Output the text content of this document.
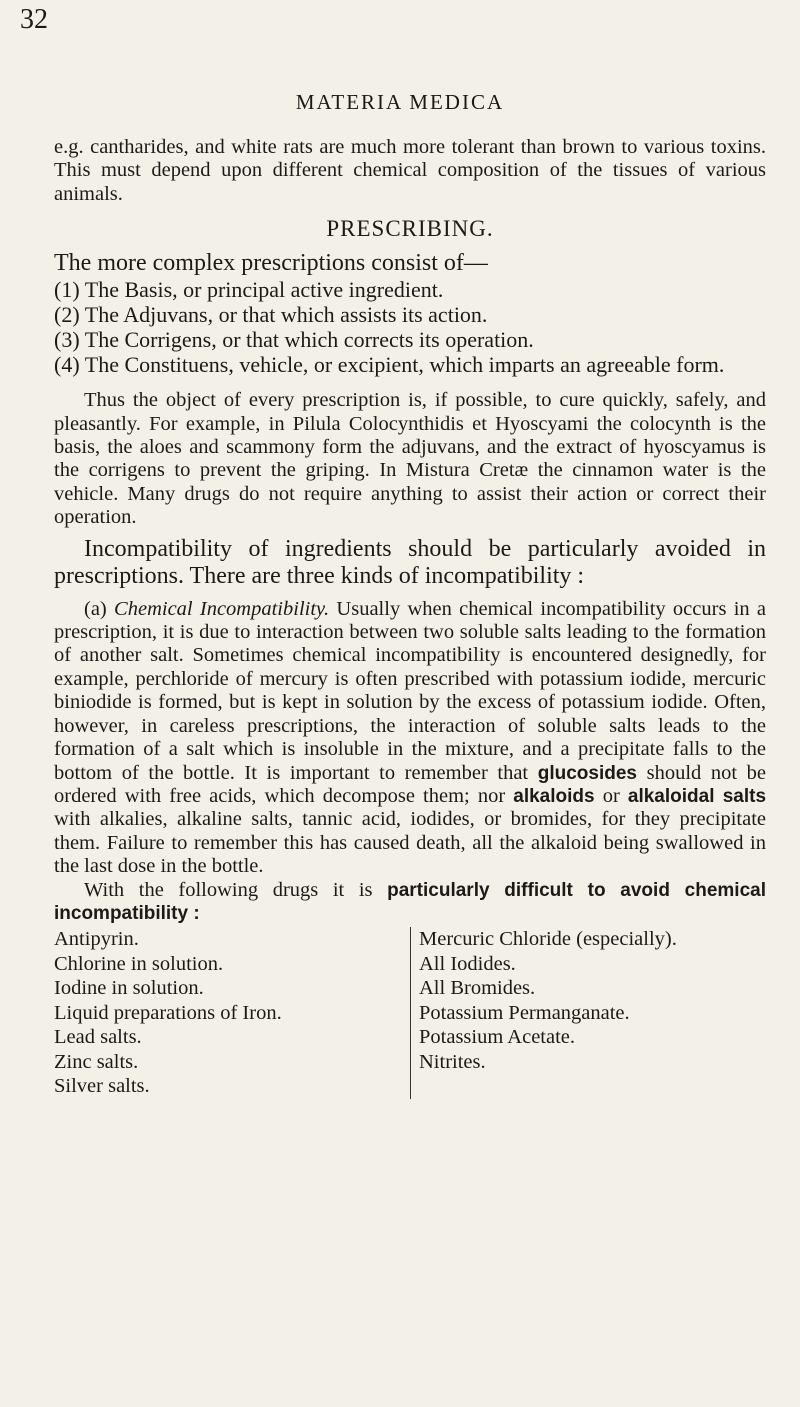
32
MATERIA MEDICA

e.g. cantharides, and white rats are much more tolerant than brown to various toxins. This must depend upon different chemical composition of the tissues of various animals.

PRESCRIBING.

The more complex prescriptions consist of—

(1) The Basis, or principal active ingredient.
(2) The Adjuvans, or that which assists its action.
(3) The Corrigens, or that which corrects its operation.
(4) The Constituens, vehicle, or excipient, which imparts an agreeable form.

Thus the object of every prescription is, if possible, to cure quickly, safely, and pleasantly. For example, in Pilula Colocynthidis et Hyoscyami the colocynth is the basis, the aloes and scammony form the adjuvans, and the extract of hyoscyamus is the corrigens to prevent the griping. In Mistura Cretæ the cinnamon water is the vehicle. Many drugs do not require anything to assist their action or correct their operation.

Incompatibility of ingredients should be particularly avoided in prescriptions. There are three kinds of incompatibility :

(a) Chemical Incompatibility. Usually when chemical incompatibility occurs in a prescription, it is due to interaction between two soluble salts leading to the formation of another salt. Sometimes chemical incompatibility is encountered designedly, for example, perchloride of mercury is often prescribed with potassium iodide, mercuric biniodide is formed, but is kept in solution by the excess of potassium iodide. Often, however, in careless prescriptions, the interaction of soluble salts leads to the formation of a salt which is insoluble in the mixture, and a precipitate falls to the bottom of the bottle. It is important to remember that glucosides should not be ordered with free acids, which decompose them; nor alkaloids or alkaloidal salts with alkalies, alkaline salts, tannic acid, iodides, or bromides, for they precipitate them. Failure to remember this has caused death, all the alkaloid being swallowed in the last dose in the bottle.

With the following drugs it is particularly difficult to avoid chemical incompatibility :

Antipyrin.
Chlorine in solution.
Iodine in solution.
Liquid preparations of Iron.
Lead salts.
Zinc salts.
Silver salts.
Mercuric Chloride (especially).
All Iodides.
All Bromides.
Potassium Permanganate.
Potassium Acetate.
Nitrites.
